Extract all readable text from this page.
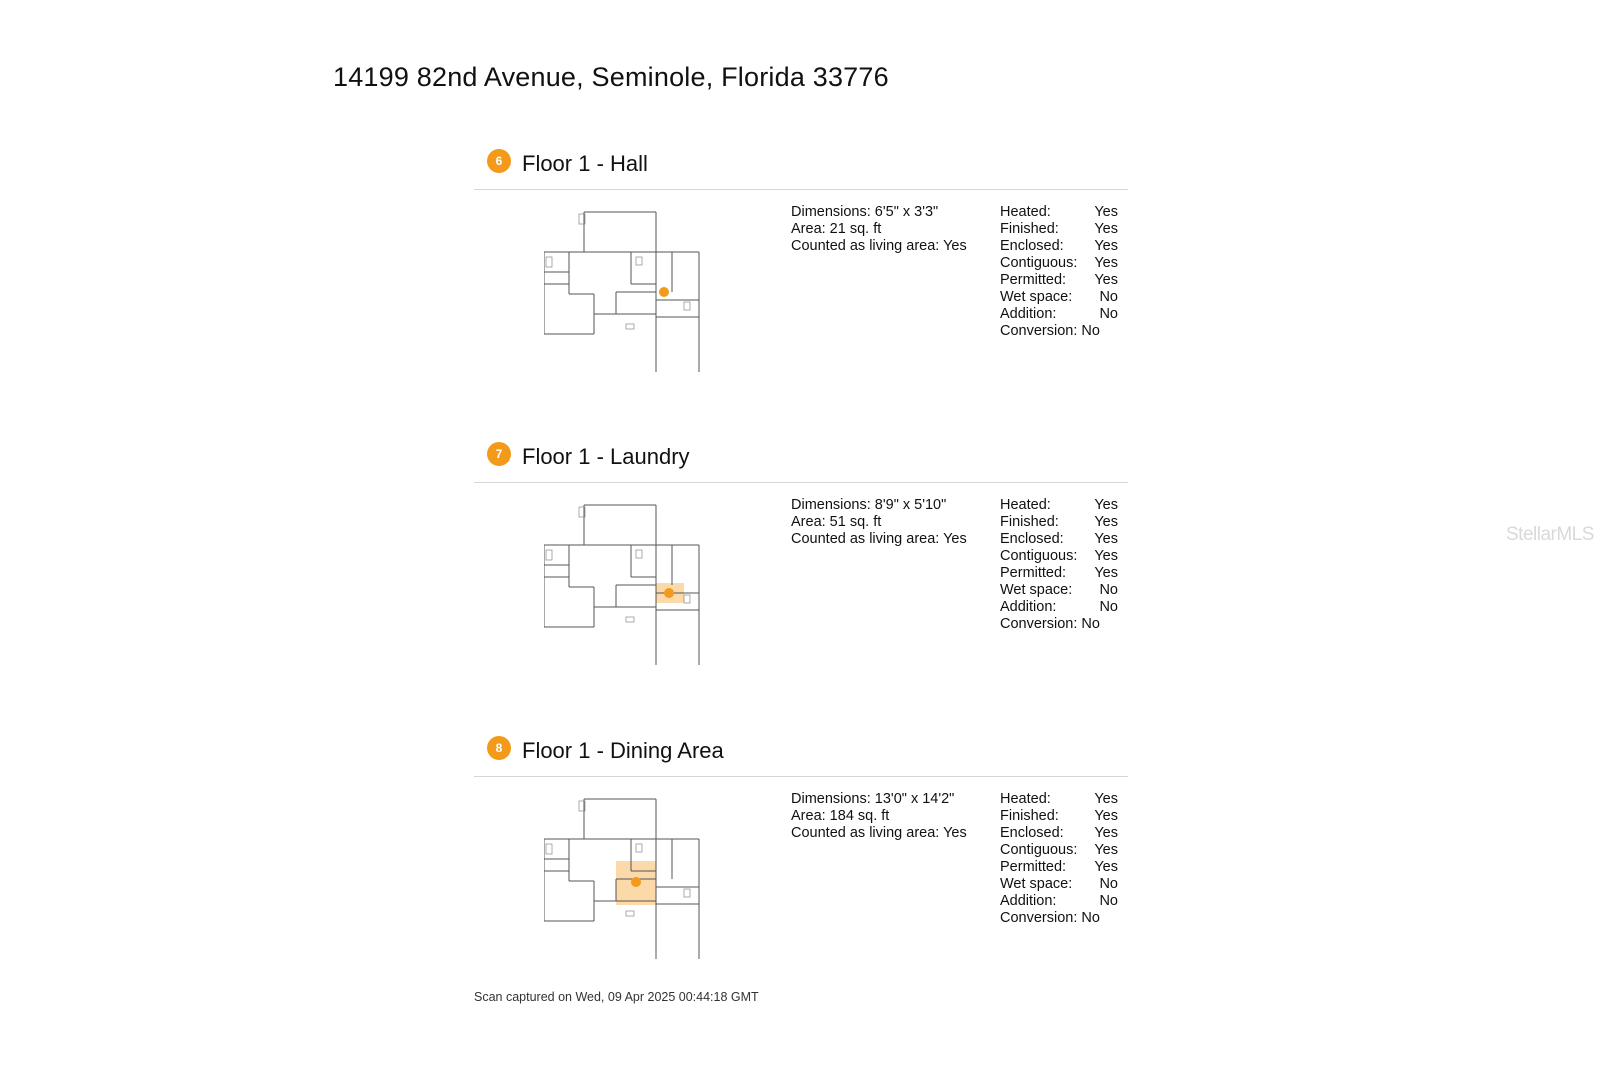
14199 82nd Avenue, Seminole, Florida 33776
6 Floor 1 - Hall
Dimensions: 6'5" x 3'3"
Area: 21 sq. ft
Counted as living area: Yes
Heated:	Yes
Finished: Yes
Enclosed: Yes
Contiguous: Yes
Permitted: Yes
Wet space: No
Addition:	No
Conversion: No
7 Floor 1 - Laundry
Dimensions: 8'9" x 5'10"
Area: 51 sq. ft
Counted as living area: Yes
Heated:	Yes
Finished: Yes
Enclosed: Yes
Contiguous: Yes
Permitted: Yes
Wet space: No
Addition:	No
Conversion: No
8 Floor 1 - Dining Area
Dimensions: 13'0" x 14'2"
Area: 184 sq. ft
Counted as living area: Yes
Heated:	Yes
Finished: Yes
Enclosed: Yes
Contiguous: Yes
Permitted: Yes
Wet space: No
Addition:	No
Conversion: No
Scan captured on Wed, 09 Apr 2025 00:44:18 GMT
StellarMLS
